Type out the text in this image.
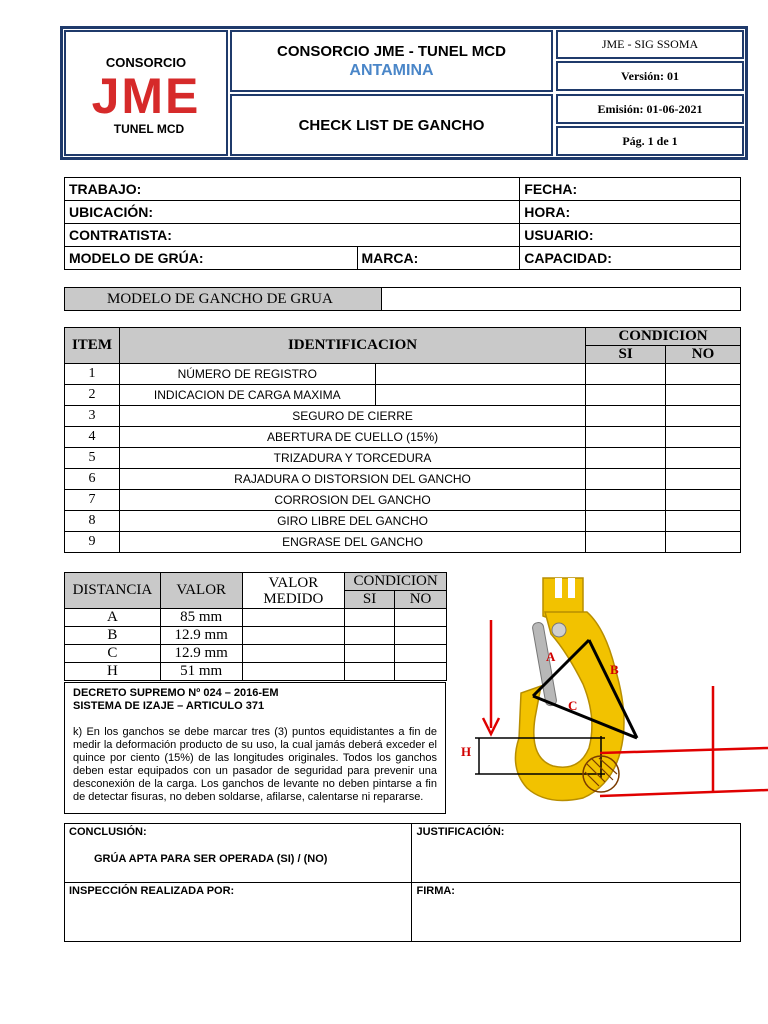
CONSORCIO
JME
TUNEL MCD
CONSORCIO JME - TUNEL MCD
ANTAMINA
CHECK LIST DE GANCHO
JME - SIG SSOMA
Versión: 01
Emisión: 01-06-2021
Pág. 1 de 1
TRABAJO:		FECHA:
UBICACIÓN:		HORA:
CONTRATISTA:		USUARIO:
MODELO DE GRÚA:	MARCA:	CAPACIDAD:
MODELO DE GANCHO DE GRUA
ITEM	IDENTIFICACION		CONDICION	
			SI	NO
1	NÚMERO DE REGISTRO			
2	INDICACION DE CARGA MAXIMA			
3	SEGURO DE CIERRE			
4	ABERTURA DE CUELLO (15%)			
5	TRIZADURA Y TORCEDURA			
6	RAJADURA O DISTORSION DEL GANCHO			
7	CORROSION DEL GANCHO			
8	GIRO LIBRE DEL GANCHO			
9	ENGRASE DEL GANCHO			
DISTANCIA	VALOR	VALOR MEDIDO	CONDICION	
			SI	NO
A	85 mm			
B	12.9 mm			
C	12.9 mm			
H	51 mm			
DECRETO SUPREMO Nº 024 – 2016-EM
SISTEMA DE IZAJE – ARTICULO 371
k) En los ganchos se debe marcar tres (3) puntos equidistantes a fin de medir la deformación producto de su uso, la cual jamás deberá exceder el quince por ciento (15%) de las longitudes originales. Todos los ganchos deben estar equipados con un pasador de seguridad para prevenir una desconexión de la carga. Los ganchos de levante no deben pintarse a fin de detectar fisuras, no deben soldarse, afilarse, calentarse ni repararse.
A
B
C
H
CONCLUSIÓN:
GRÚA APTA PARA SER OPERADA (SI) / (NO)	JUSTIFICACIÓN:

INSPECCIÓN REALIZADA POR:	FIRMA:
